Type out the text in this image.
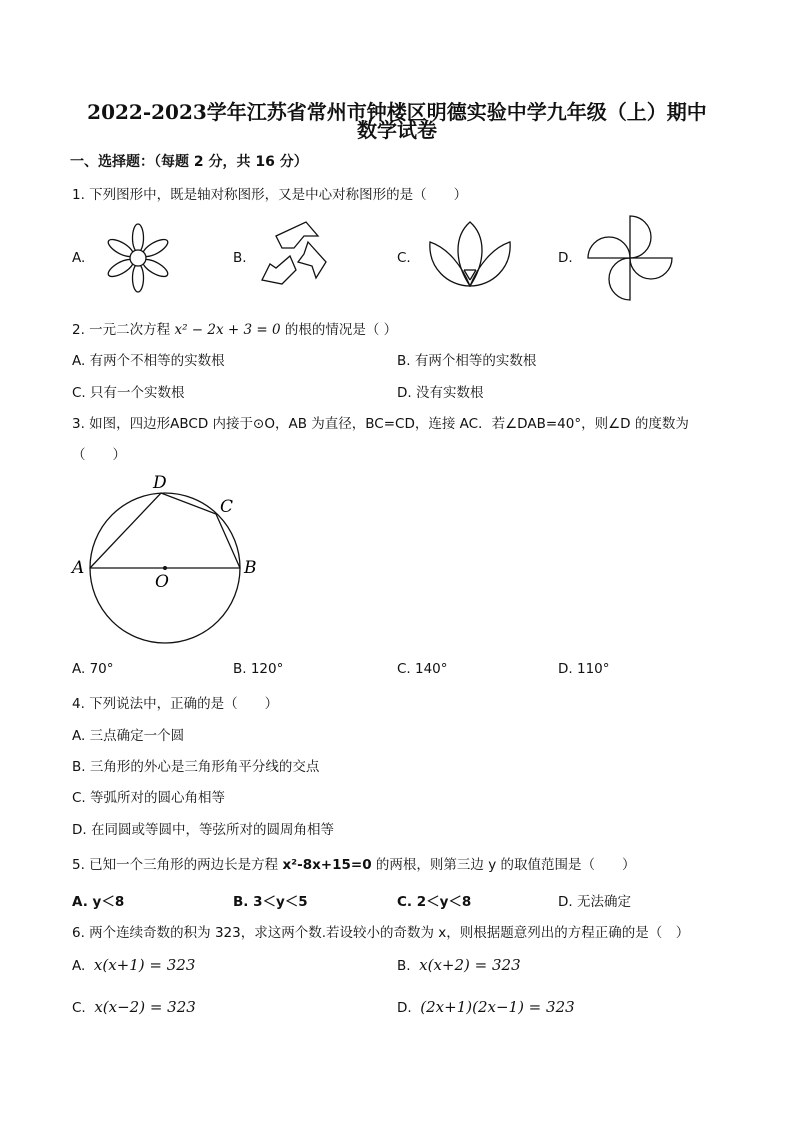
2022-2023学年江苏省常州市钟楼区明德实验中学九年级（上）期中
数学试卷
一、选择题：（每题 2 分，共 16 分）
1. 下列图形中，既是轴对称图形，又是中心对称图形的是（　　）
A.	B.	C.	D.
2. 一元二次方程 x² − 2x + 3 = 0 的根的情况是（ ）
A. 有两个不相等的实数根	B. 有两个相等的实数根
C. 只有一个实数根	D. 没有实数根
3. 如图，四边形ABCD 内接于⊙O，AB 为直径，BC=CD，连接 AC．若∠DAB=40°，则∠D 的度数为
（　　）
A	B
C
D
O
A. 70°	B. 120°	C. 140°	D. 110°
4. 下列说法中，正确的是（　　）
A. 三点确定一个圆
B. 三角形的外心是三角形角平分线的交点
C. 等弧所对的圆心角相等
D. 在同圆或等圆中，等弦所对的圆周角相等
5. 已知一个三角形的两边长是方程 x²-8x+15=0 的两根，则第三边 y 的取值范围是（　　）
A. y＜8	B. 3＜y＜5	C. 2＜y＜8	D. 无法确定
6. 两个连续奇数的积为 323，求这两个数.若设较小的奇数为 x，则根据题意列出的方程正确的是（　）
A. x(x+1) = 323	B. x(x+2) = 323
C. x(x−2) = 323	D. (2x+1)(2x−1) = 323
